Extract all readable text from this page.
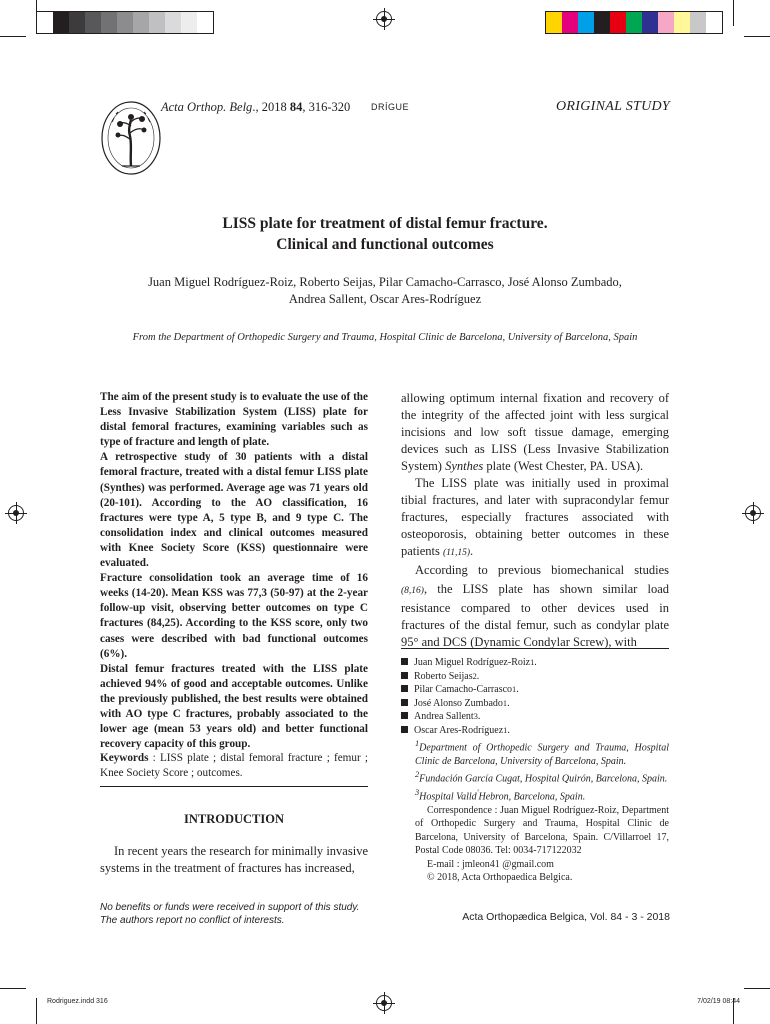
Acta Orthop. Belg., 2018 84, 316-320 DRÍGUE	ORIGINAL STUDY
LISS plate for treatment of distal femur fracture.
Clinical and functional outcomes
Juan Miguel Rodríguez-Roiz, Roberto Seijas, Pilar Camacho-Carrasco, José Alonso Zumbado,
Andrea Sallent, Oscar Ares-Rodríguez
From the Department of Orthopedic Surgery and Trauma, Hospital Clinic de Barcelona, University of Barcelona, Spain

The aim of the present study is to evaluate the use of the Less Invasive Stabilization System (LISS) plate for distal femoral fractures, examining variables such as type of fracture and length of plate.

A retrospective study of 30 patients with a distal femoral fracture, treated with a distal femur LISS plate (Synthes) was performed. Average age was 71 years old (20-101). According to the AO classification, 16 fractures were type A, 5 type B, and 9 type C. The consolidation index and clinical outcomes measured with Knee Society Score (KSS) questionnaire were evaluated.

Fracture consolidation took an average time of 16 weeks (14-20). Mean KSS was 77,3 (50-97) at the 2-year follow-up visit, observing better outcomes on type C fractures (84,25). According to the KSS score, only two cases were described with bad functional outcomes (6%).

Distal femur fractures treated with the LISS plate achieved 94% of good and acceptable outcomes. Unlike the previously published, the best results were obtained with AO type C fractures, probably associated to the lower age (mean 53 years old) and better functional recovery capacity of this group.

Keywords : LISS plate ; distal femoral fracture ; femur ; Knee Society Score ; outcomes.
INTRODUCTION
In recent years the research for minimally invasive systems in the treatment of fractures has increased,

allowing optimum internal fixation and recovery of the integrity of the affected joint with less surgical incisions and low soft tissue damage, emerging devices such as LISS (Less Invasive Stabilization System) Synthes plate (West Chester, PA. USA).

The LISS plate was initially used in proximal tibial fractures, and later with supracondylar femur fractures, especially fractures associated with osteoporosis, obtaining better outcomes in these patients (11,15).

According to previous biomechanical studies (8,16), the LISS plate has shown similar load resistance compared to other devices used in fractures of the distal femur, such as condylar plate 95° and DCS (Dynamic Condylar Screw), with

Juan Miguel Rodríguez-Roiz 1 .
Roberto Seijas 2 .
Pilar Camacho-Carrasco 1 .
José Alonso Zumbado 1 .
Andrea Sallent 3 .
Oscar Ares-Rodríguez 1 .
$^1$Department of Orthopedic Surgery and Trauma, Hospital Clinic de Barcelona, University of Barcelona, Spain.
$^2$Fundación García Cugat, Hospital Quirón, Barcelona, Spain.
$^3$Hospital Valld'Hebron, Barcelona, Spain.
Correspondence : Juan Miguel Rodríguez-Roiz, Department of Orthopedic Surgery and Trauma, Hospital Clinic de Barcelona, University of Barcelona, Spain. C/Villarroel 17, Postal Code 08036. Tel: 0034-717122032
E-mail : jmleon41 @gmail.com
© 2018, Acta Orthopaedica Belgica.
No benefits or funds were received in support of this study.
The authors report no conflict of interests.	Acta Orthopædica Belgica, Vol. 84 - 3 - 2018
Rodriguez.indd 316	7/02/19 08:44
